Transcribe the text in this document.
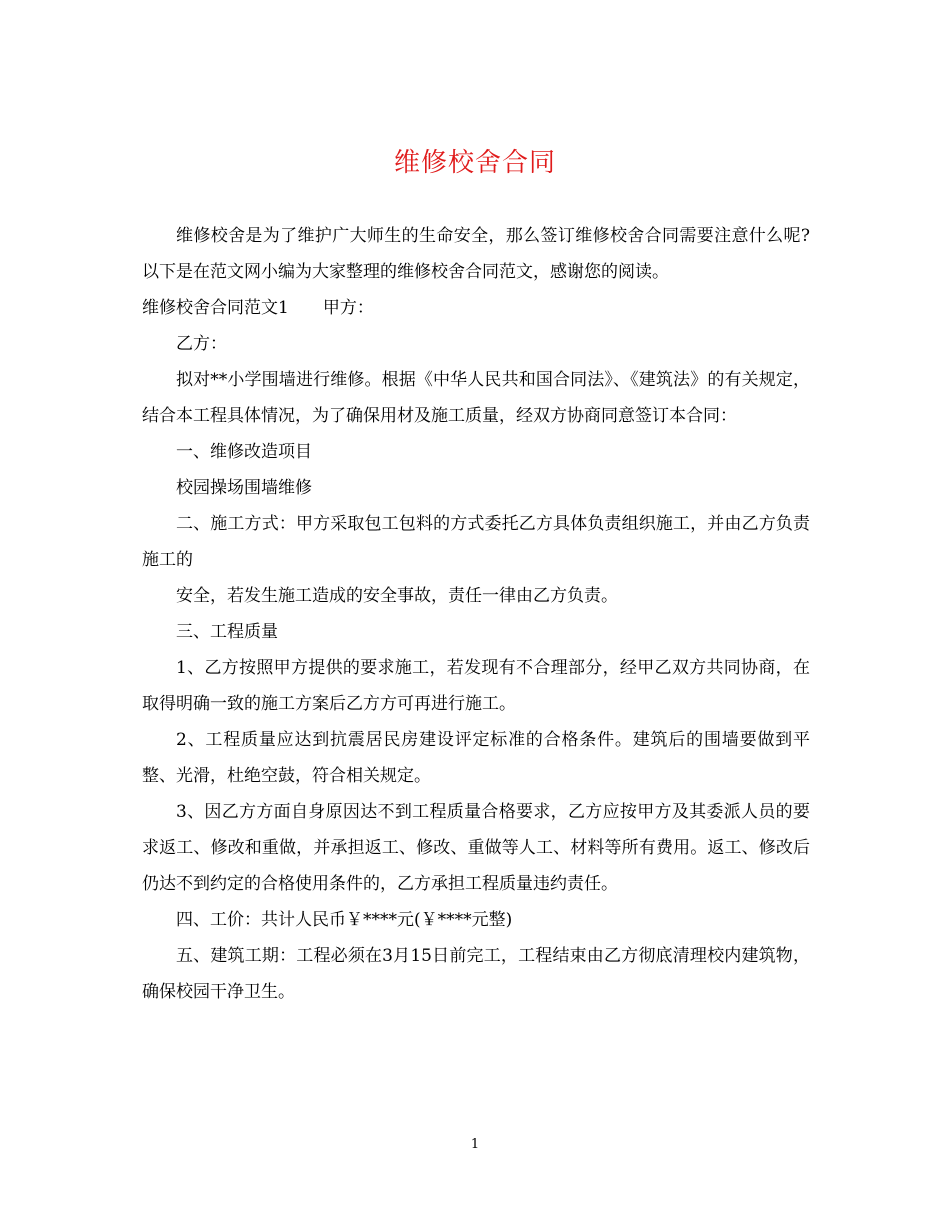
维修校舍合同

维修校舍是为了维护广大师生的生命安全，那么签订维修校舍合同需要注意什么呢?以下是在范文网小编为大家整理的维修校舍合同范文，感谢您的阅读。

维修校舍合同范文1　　甲方：

乙方：

拟对**小学围墙进行维修。根据《中华人民共和国合同法》、《建筑法》的有关规定，结合本工程具体情况，为了确保用材及施工质量，经双方协商同意签订本合同：

一、维修改造项目

校园操场围墙维修

二、施工方式：甲方采取包工包料的方式委托乙方具体负责组织施工，并由乙方负责施工的

安全，若发生施工造成的安全事故，责任一律由乙方负责。

三、工程质量

1、乙方按照甲方提供的要求施工，若发现有不合理部分，经甲乙双方共同协商，在取得明确一致的施工方案后乙方方可再进行施工。

2、工程质量应达到抗震居民房建设评定标准的合格条件。建筑后的围墙要做到平整、光滑，杜绝空鼓，符合相关规定。

3、因乙方方面自身原因达不到工程质量合格要求，乙方应按甲方及其委派人员的要求返工、修改和重做，并承担返工、修改、重做等人工、材料等所有费用。返工、修改后仍达不到约定的合格使用条件的，乙方承担工程质量违约责任。

四、工价：共计人民币￥****元(￥****元整)

五、建筑工期：工程必须在3月15日前完工，工程结束由乙方彻底清理校内建筑物，确保校园干净卫生。

1
